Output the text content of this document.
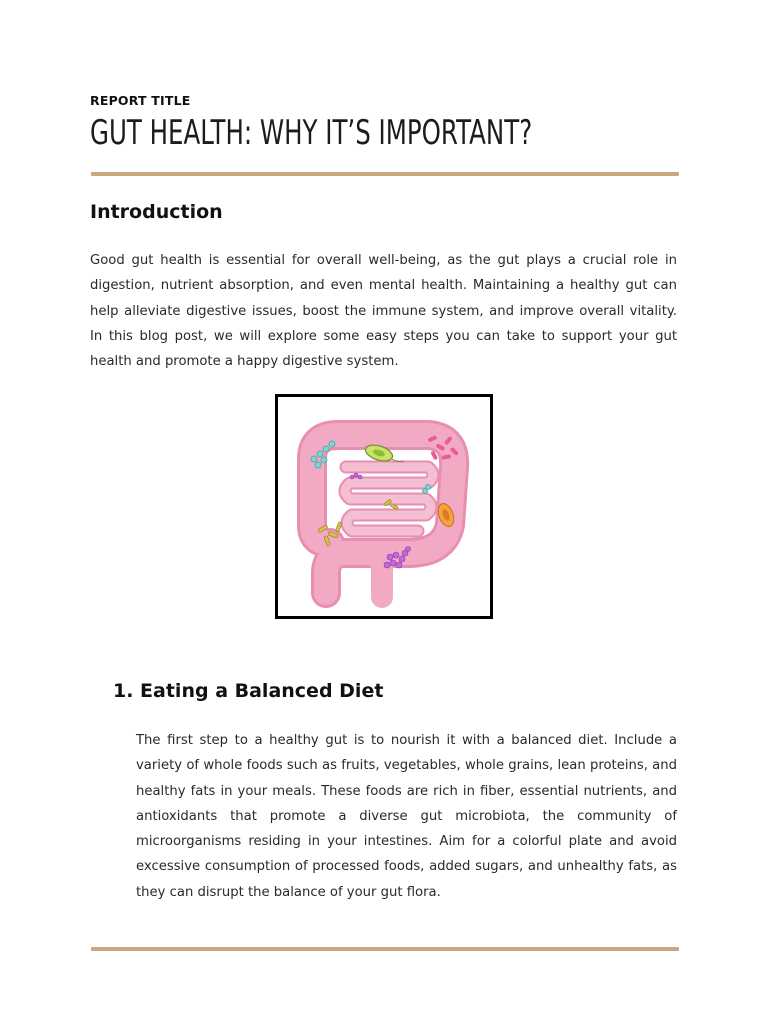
REPORT TITLE
GUT HEALTH: WHY IT’S IMPORTANT?
Introduction

Good gut health is essential for overall well-being, as the gut plays a crucial role in digestion, nutrient absorption, and even mental health. Maintaining a healthy gut can help alleviate digestive issues, boost the immune system, and improve overall vitality. In this blog post, we will explore some easy steps you can take to support your gut health and promote a happy digestive system.

1. Eating a Balanced Diet

The first step to a healthy gut is to nourish it with a balanced diet. Include a variety of whole foods such as fruits, vegetables, whole grains, lean proteins, and healthy fats in your meals. These foods are rich in fiber, essential nutrients, and antioxidants that promote a diverse gut microbiota, the community of microorganisms residing in your intestines. Aim for a colorful plate and avoid excessive consumption of processed foods, added sugars, and unhealthy fats, as they can disrupt the balance of your gut flora.
